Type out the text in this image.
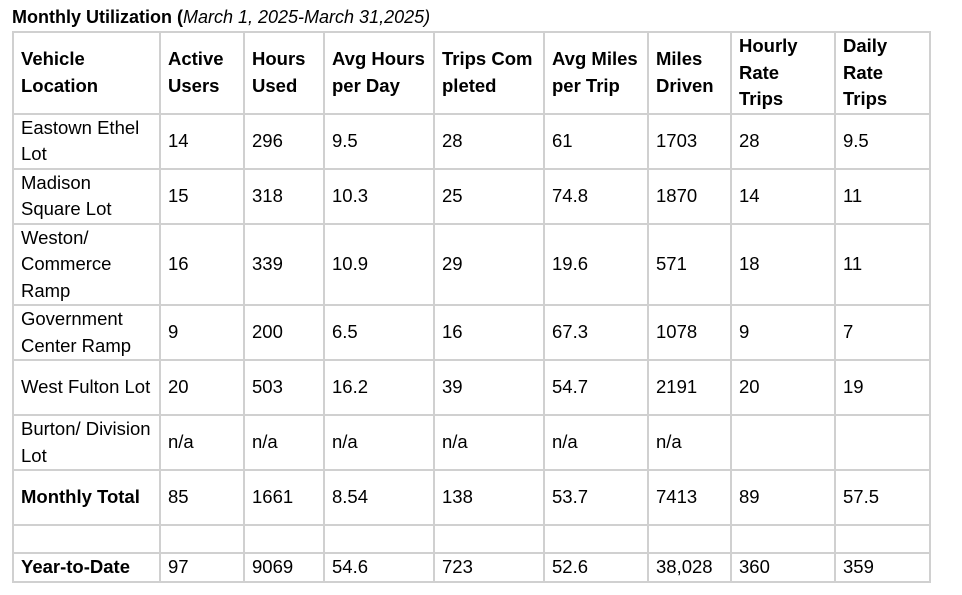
Monthly Utilization (March 1, 2025-March 31,2025)
Vehicle Location	Active Users	Hours Used	Avg Hours per Day	Trips Completed	Avg Miles per Trip	Miles Driven	Hourly Rate Trips	Daily Rate Trips
Eastown Ethel Lot	14	296	9.5	28	61	1703	28	9.5
Madison Square Lot	15	318	10.3	25	74.8	1870	14	11
Weston/ Commerce Ramp	16	339	10.9	29	19.6	571	18	11
Government Center Ramp	9	200	6.5	16	67.3	1078	9	7
West Fulton Lot	20	503	16.2	39	54.7	2191	20	19
Burton/ Division Lot	n/a	n/a	n/a	n/a	n/a	n/a		
Monthly Total	85	1661	8.54	138	53.7	7413	89	57.5

Year-to-Date	97	9069	54.6	723	52.6	38,028	360	359
